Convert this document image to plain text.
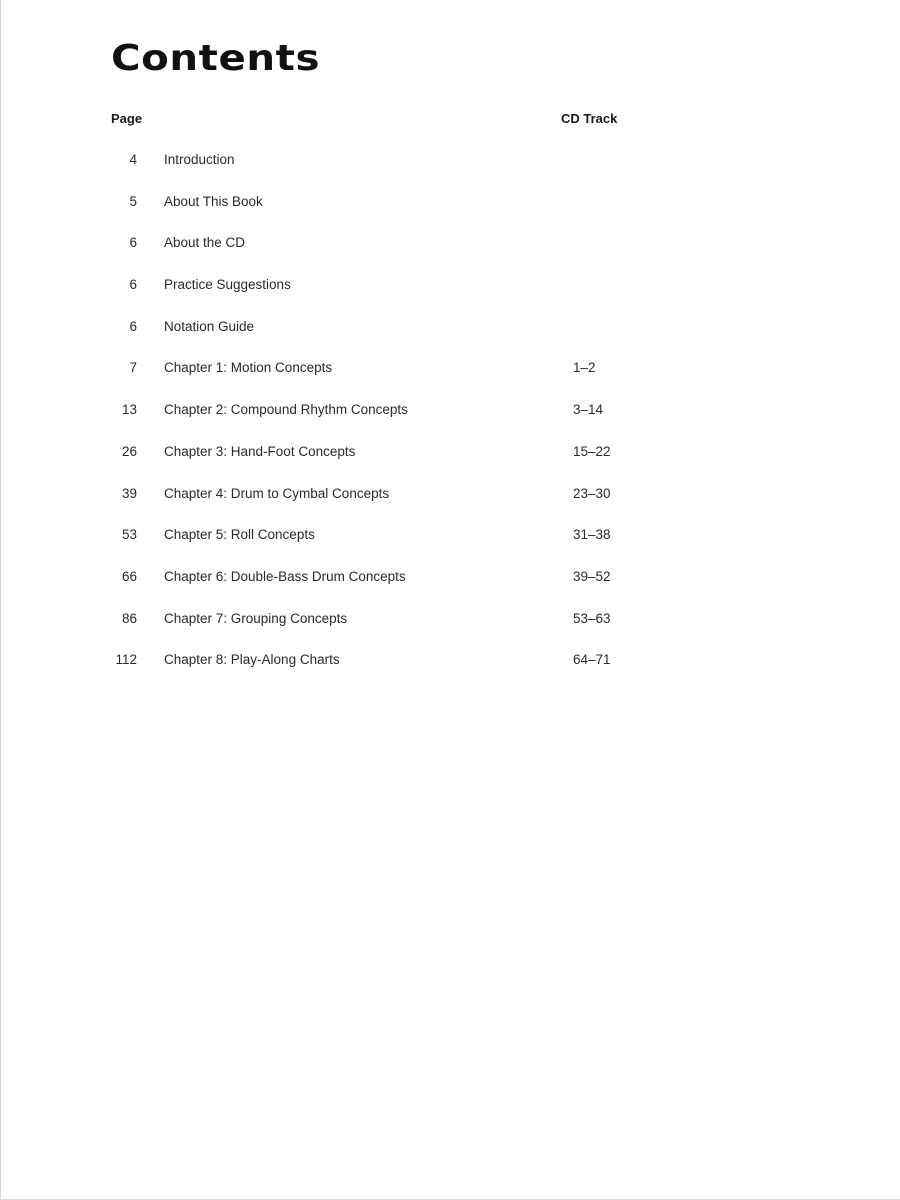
Contents
Page	CD Track
4 Introduction
5 About This Book
6 About the CD
6 Practice Suggestions
6 Notation Guide
7 Chapter 1: Motion Concepts	1–2
13 Chapter 2: Compound Rhythm Concepts	3–14
26 Chapter 3: Hand-Foot Concepts	15–22
39 Chapter 4: Drum to Cymbal Concepts	23–30
53 Chapter 5: Roll Concepts	31–38
66 Chapter 6: Double-Bass Drum Concepts	39–52
86 Chapter 7: Grouping Concepts	53–63
112 Chapter 8: Play-Along Charts	64–71
